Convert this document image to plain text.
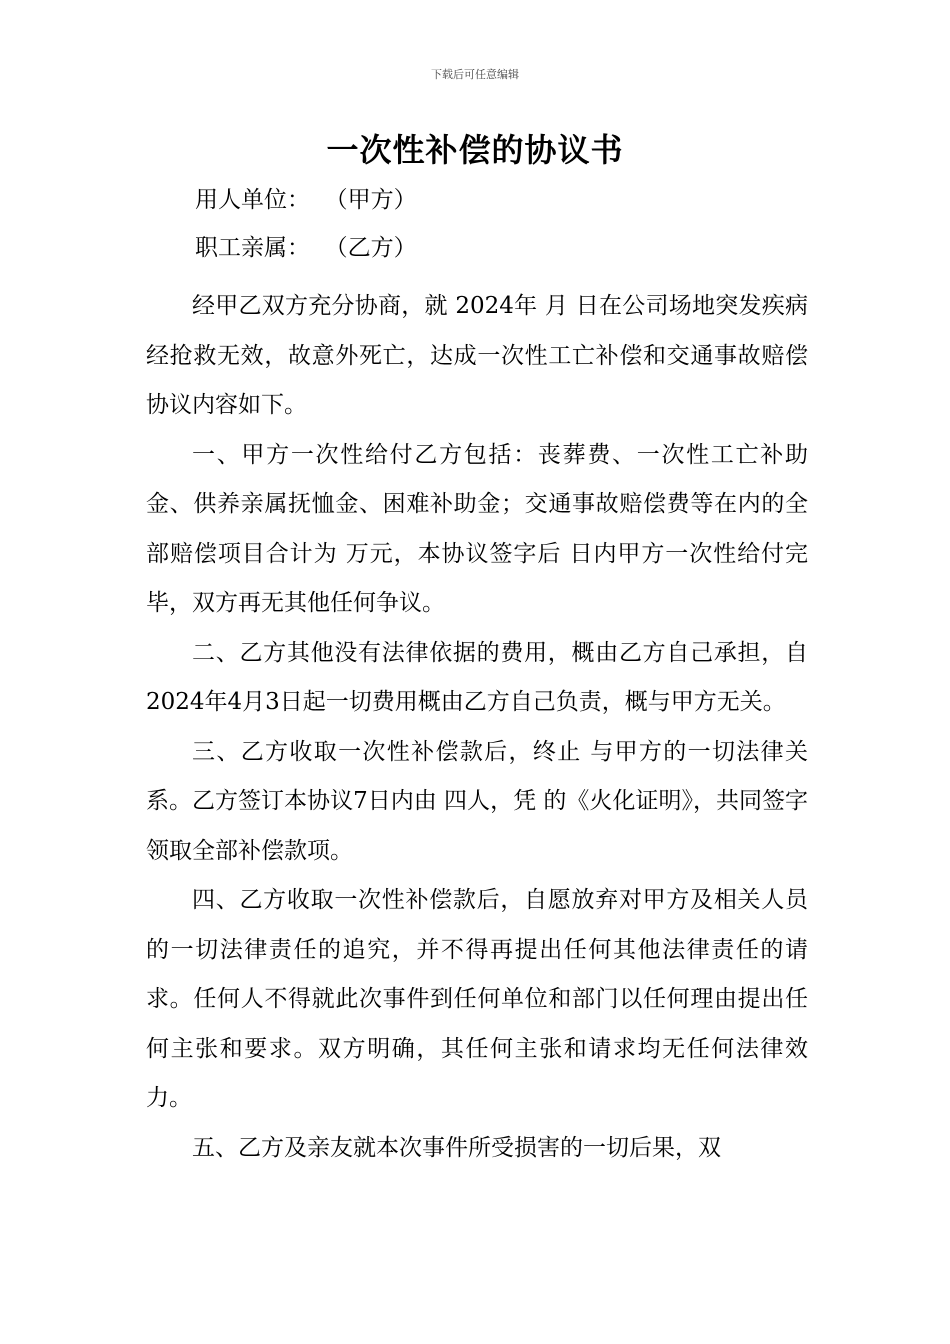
下载后可任意编辑
一次性补偿的协议书
用人单位：  （甲方）
职工亲属：  （乙方）

经甲乙双方充分协商，就 2024年 月 日在公司场地突发疾病经抢救无效，故意外死亡，达成一次性工亡补偿和交通事故赔偿协议内容如下。

一、甲方一次性给付乙方包括：丧葬费、一次性工亡补助金、供养亲属抚恤金、困难补助金；交通事故赔偿费等在内的全部赔偿项目合计为 万元，本协议签字后 日内甲方一次性给付完毕，双方再无其他任何争议。

二、乙方其他没有法律依据的费用，概由乙方自己承担，自2024年4月3日起一切费用概由乙方自己负责，概与甲方无关。

三、乙方收取一次性补偿款后，终止 与甲方的一切法律关系。乙方签订本协议7日内由 四人，凭 的《火化证明》，共同签字领取全部补偿款项。

四、乙方收取一次性补偿款后，自愿放弃对甲方及相关人员的一切法律责任的追究，并不得再提出任何其他法律责任的请求。任何人不得就此次事件到任何单位和部门以任何理由提出任何主张和要求。双方明确，其任何主张和请求均无任何法律效力。

五、乙方及亲友就本次事件所受损害的一切后果，双
